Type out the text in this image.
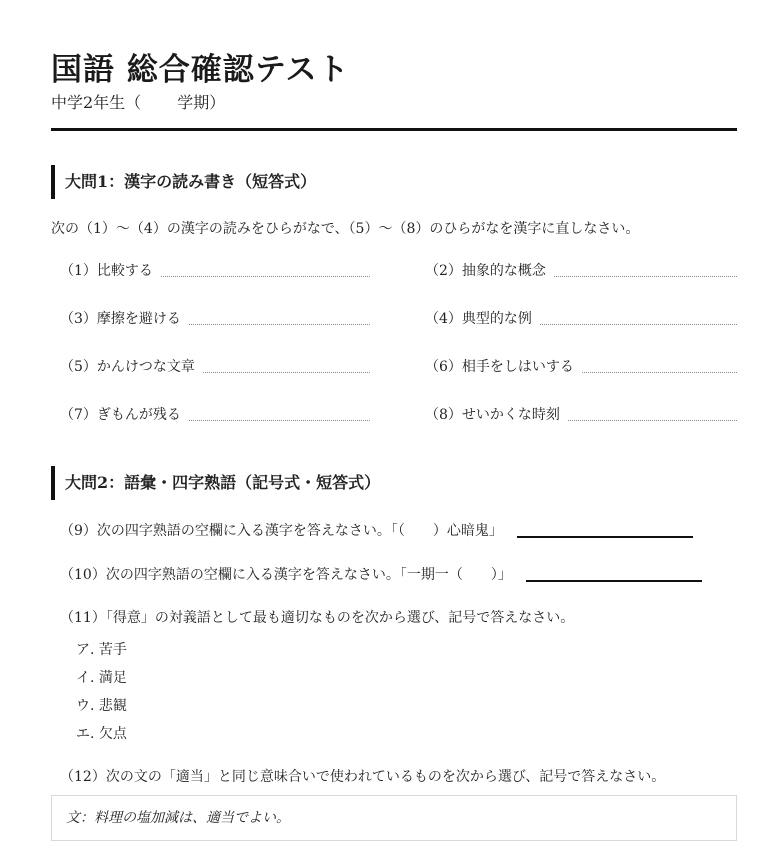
国語 総合確認テスト
中学2年生（ 学期）
大問1：漢字の読み書き（短答式）
次の（1）～（4）の漢字の読みをひらがなで、（5）～（8）のひらがなを漢字に直しなさい。
（1）比較する	（2）抽象的な概念
（3）摩擦を避ける	（4）典型的な例
（5）かんけつな文章	（6）相手をしはいする
（7）ぎもんが残る	（8）せいかくな時刻
大問2：語彙・四字熟語（記号式・短答式）
（9）次の四字熟語の空欄に入る漢字を答えなさい。「（　　）心暗鬼」
（10）次の四字熟語の空欄に入る漢字を答えなさい。「一期一（　　）」
（11）「得意」の対義語として最も適切なものを次から選び、記号で答えなさい。
ア. 苦手
イ. 満足
ウ. 悲観
エ. 欠点
（12）次の文の「適当」と同じ意味合いで使われているものを次から選び、記号で答えなさい。
文：料理の塩加減は、適当でよい。
